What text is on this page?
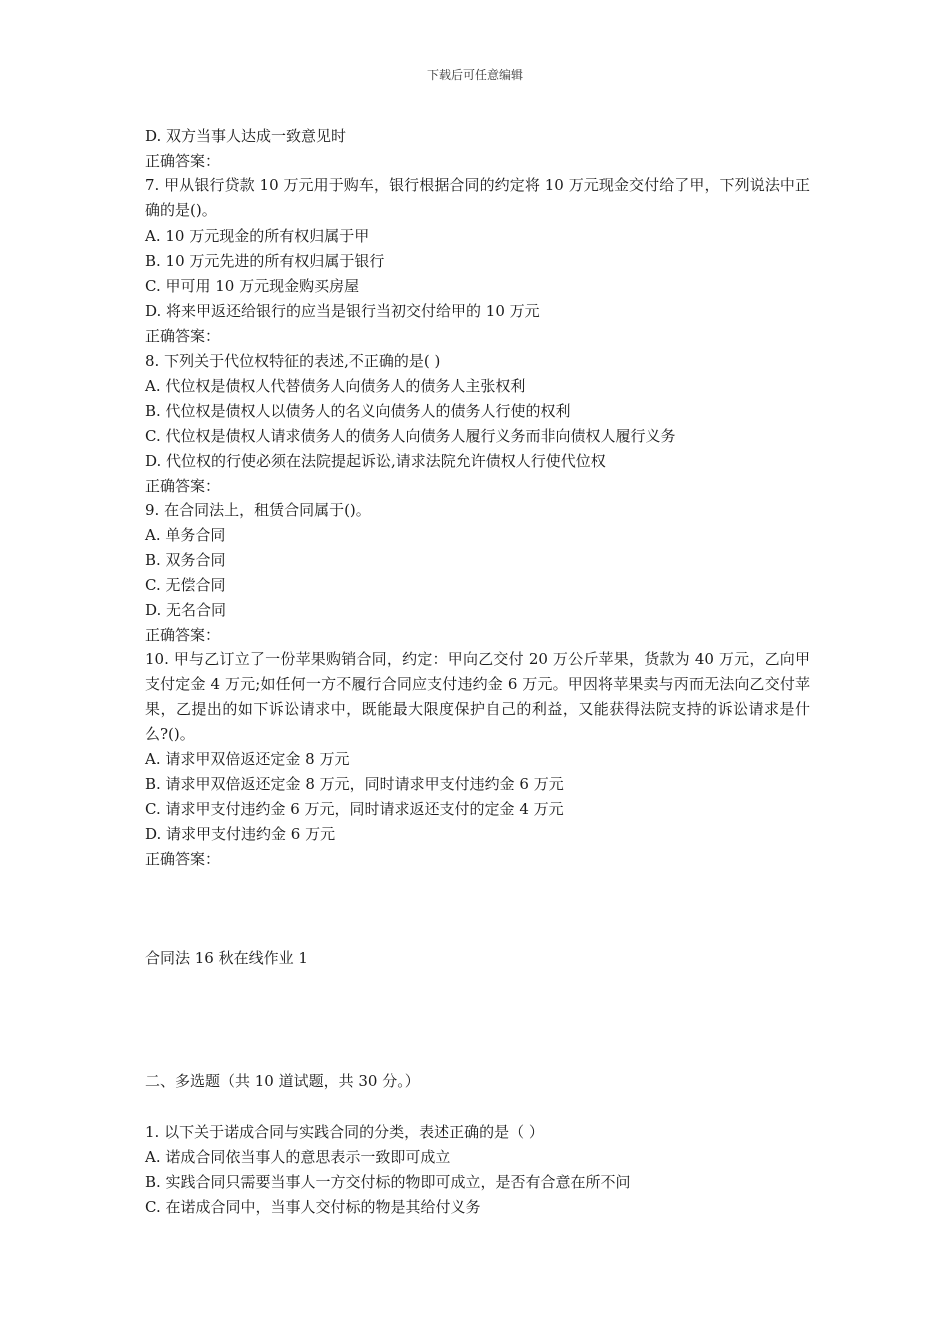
下载后可任意编辑
D. 双方当事人达成一致意见时
正确答案：
7. 甲从银行贷款 10 万元用于购车，银行根据合同的约定将 10 万元现金交付给了甲，下列说法中正确的是()。
A. 10 万元现金的所有权归属于甲
B. 10 万元先进的所有权归属于银行
C. 甲可用 10 万元现金购买房屋
D. 将来甲返还给银行的应当是银行当初交付给甲的 10 万元
正确答案：
8. 下列关于代位权特征的表述,不正确的是( )
A. 代位权是债权人代替债务人向债务人的债务人主张权利
B. 代位权是债权人以债务人的名义向债务人的债务人行使的权利
C. 代位权是债权人请求债务人的债务人向债务人履行义务而非向债权人履行义务
D. 代位权的行使必须在法院提起诉讼,请求法院允许债权人行使代位权
正确答案：
9. 在合同法上，租赁合同属于()。
A. 单务合同
B. 双务合同
C. 无偿合同
D. 无名合同
正确答案：
10. 甲与乙订立了一份苹果购销合同，约定：甲向乙交付 20 万公斤苹果，货款为 40 万元，乙向甲支付定金 4 万元;如任何一方不履行合同应支付违约金 6 万元。甲因将苹果卖与丙而无法向乙交付苹果，乙提出的如下诉讼请求中，既能最大限度保护自己的利益，又能获得法院支持的诉讼请求是什么?()。
A. 请求甲双倍返还定金 8 万元
B. 请求甲双倍返还定金 8 万元，同时请求甲支付违约金 6 万元
C. 请求甲支付违约金 6 万元，同时请求返还支付的定金 4 万元
D. 请求甲支付违约金 6 万元
正确答案：
合同法 16 秋在线作业 1
二、多选题（共 10 道试题，共 30 分。）
1. 以下关于诺成合同与实践合同的分类，表述正确的是（ ）
A. 诺成合同依当事人的意思表示一致即可成立
B. 实践合同只需要当事人一方交付标的物即可成立，是否有合意在所不问
C. 在诺成合同中，当事人交付标的物是其给付义务
